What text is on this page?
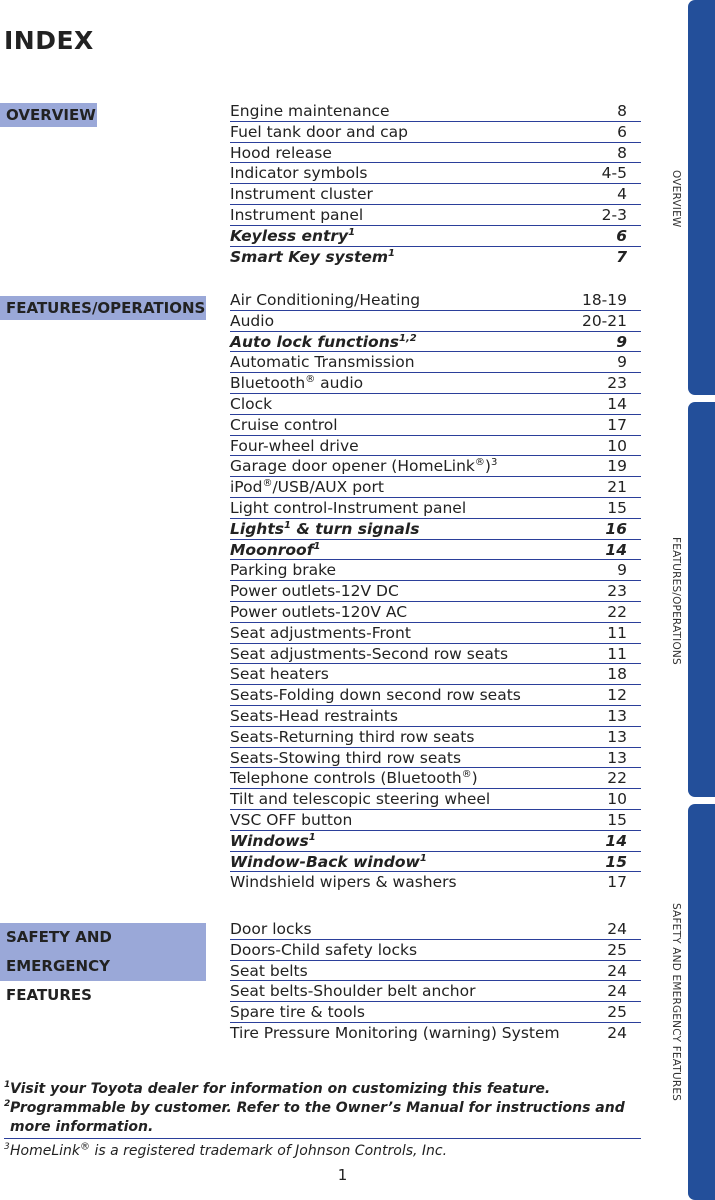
INDEX
OVERVIEW	Engine maintenance	8
Fuel tank door and cap	6
Hood release	8
Indicator symbols	4-5
Instrument cluster	4
Instrument panel	2-3
Keyless entry$^1$	6
Smart Key system$^1$	7
FEATURES/OPERATIONS Air Conditioning/Heating	18-19
Audio	20-21
Auto lock functions$^{1,2}$	9
Automatic Transmission	9
Bluetooth® audio	23
Clock	14
Cruise control	17
Four-wheel drive	10
Garage door opener (HomeLink®)$^3$	19
iPod®/USB/AUX port	21
Light control-Instrument panel	15
Lights$^1$ & turn signals	16
Moonroof$^1$	14
Parking brake	9
Power outlets-12V DC	23
Power outlets-120V AC	22
Seat adjustments-Front	11
Seat adjustments-Second row seats	11
Seat heaters	18
Seats-Folding down second row seats	12
Seats-Head restraints	13
Seats-Returning third row seats	13
Seats-Stowing third row seats	13
Telephone controls (Bluetooth®)	22
Tilt and telescopic steering wheel	10
VSC OFF button	15
Windows$^1$	14
Window-Back window$^1$	15
Windshield wipers & washers	17
SAFETY AND
EMERGENCY FEATURES
Door locks	24
Doors-Child safety locks	25
Seat belts	24
Seat belts-Shoulder belt anchor	24
Spare tire & tools	25
Tire Pressure Monitoring (warning) System	24
1 Visit your Toyota dealer for information on customizing this feature.
2 Programmable by customer. Refer to the Owner’s Manual for instructions and more information.
3 HomeLink® is a registered trademark of Johnson Controls, Inc.
1
OVERVIEW
FEATURES/OPERATIONS
SAFETY AND EMERGENCY FEATURES
